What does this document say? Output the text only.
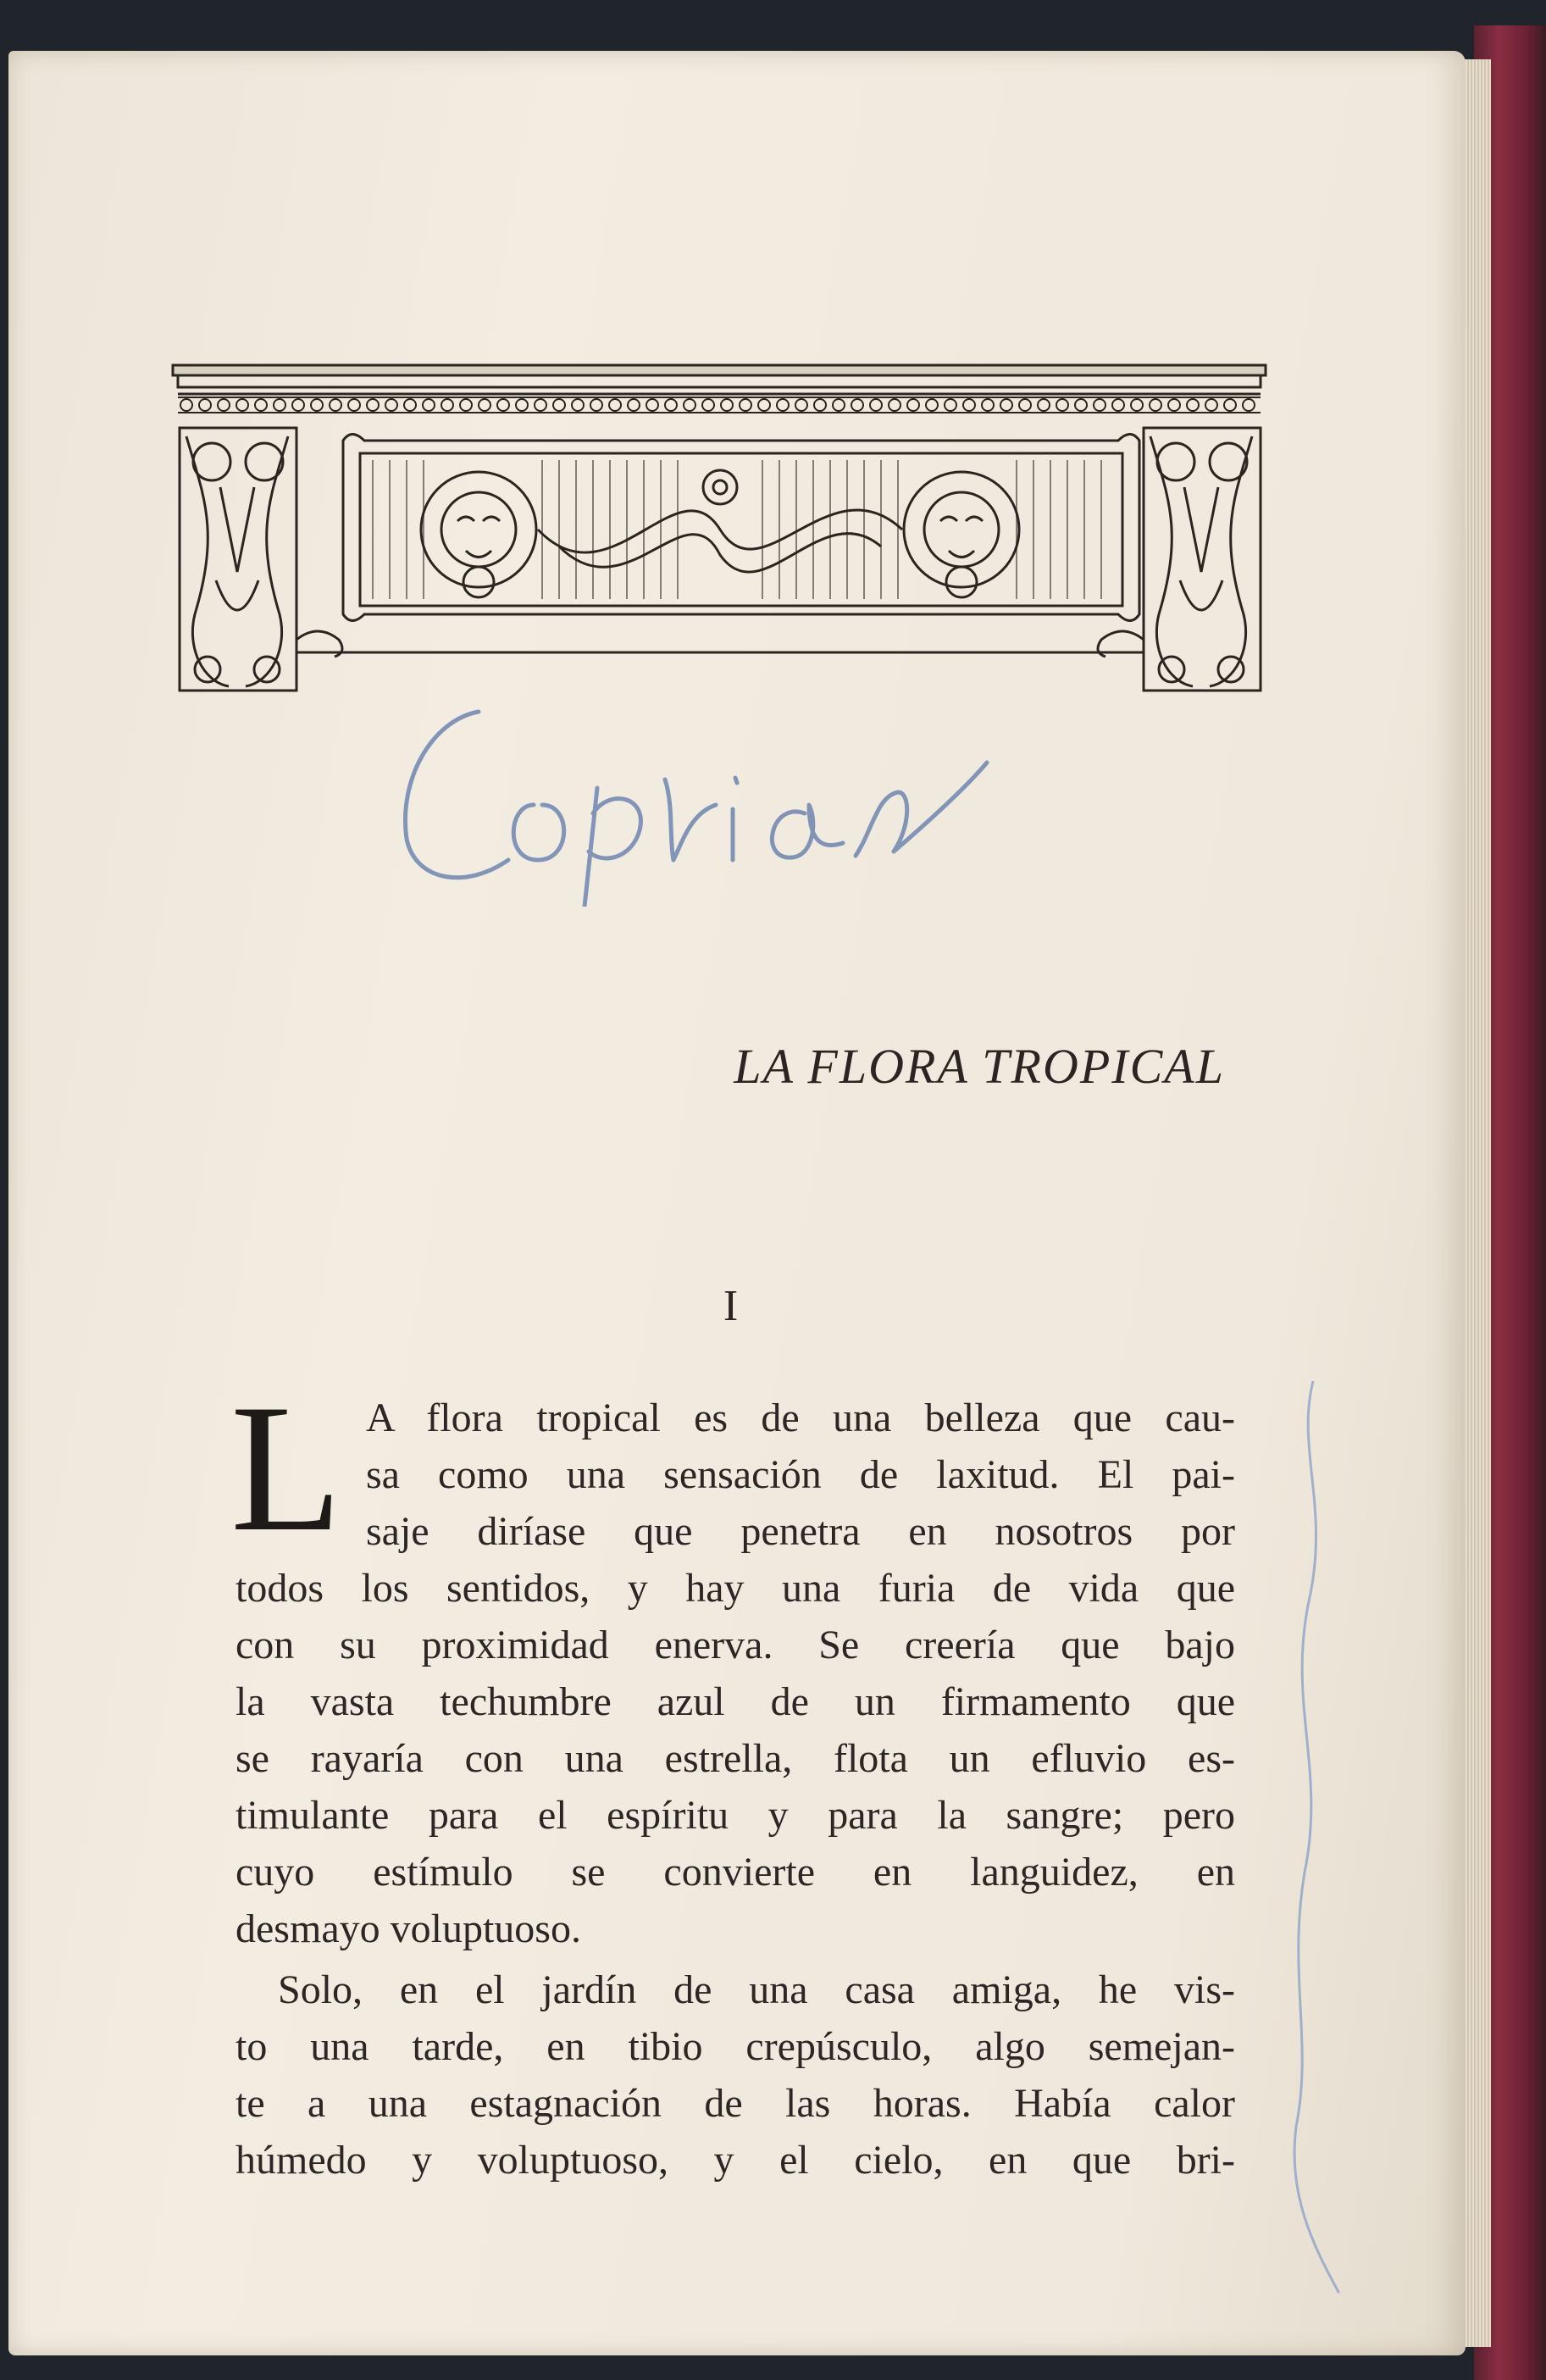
LA FLORA TROPICAL
I
L A flora tropical es de una belleza que cau-
sa como una sensación de laxitud. El pai-
saje diríase que penetra en nosotros por
todos los sentidos, y hay una furia de vida que
con su proximidad enerva. Se creería que bajo
la vasta techumbre azul de un firmamento que
se rayaría con una estrella, flota un efluvio es-
timulante para el espíritu y para la sangre; pero
cuyo estímulo se convierte en languidez, en
desmayo voluptuoso.
Solo, en el jardín de una casa amiga, he vis-
to una tarde, en tibio crepúsculo, algo semejan-
te a una estagnación de las horas. Había calor
húmedo y voluptuoso, y el cielo, en que bri-
